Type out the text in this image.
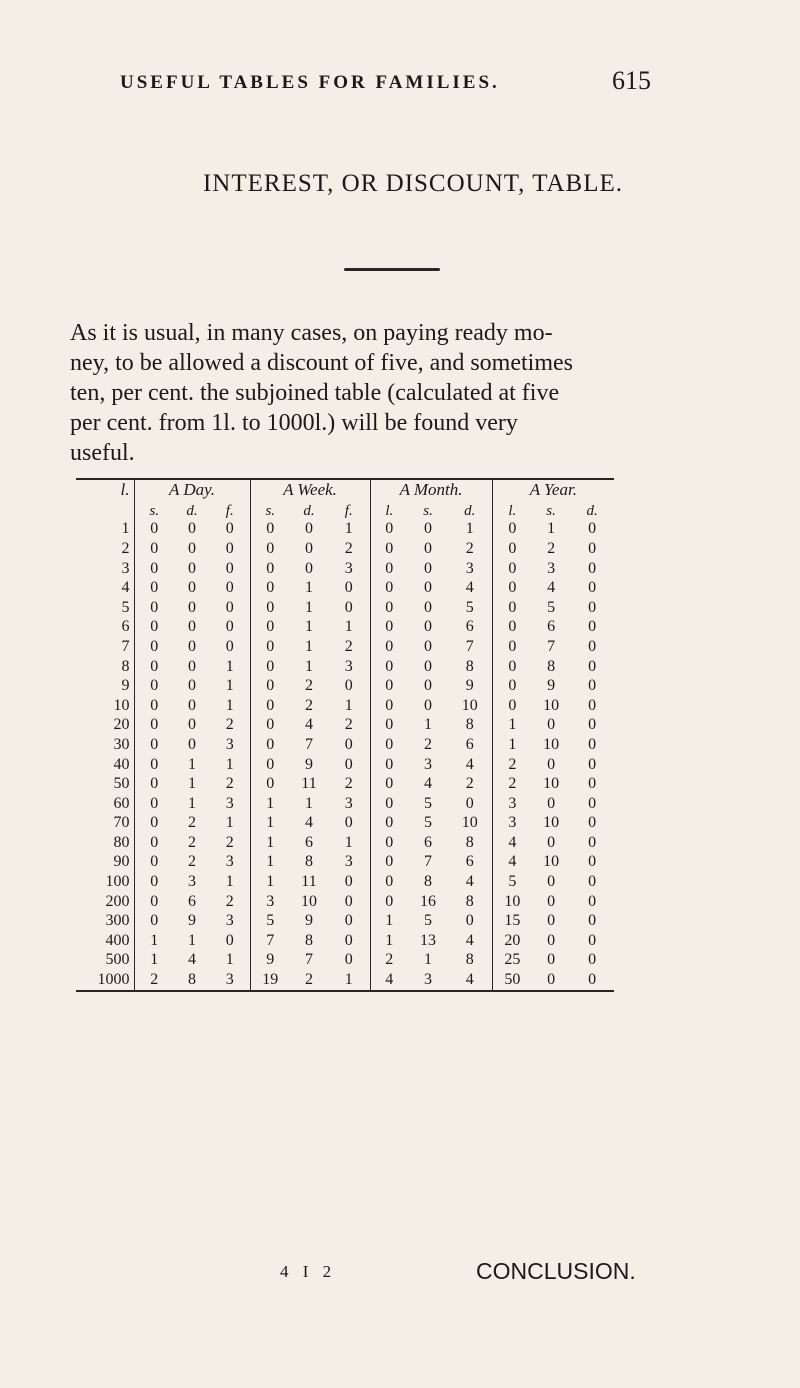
USEFUL TABLES FOR FAMILIES.	615
INTEREST, OR DISCOUNT, TABLE.

As it is usual, in many cases, on paying ready mo-
ney, to be allowed a discount of five, and sometimes
ten, per cent. the subjoined table (calculated at five
per cent. from 1l. to 1000l.) will be found very
useful.

l.	A Day.			A Week.			A Month.			A Year.		
	s.	d.	f.	s.	d.	f.	l.	s.	d.	l.	s.	d.
1	0	0	0	0	0	1	0	0	1	0	1	0
2	0	0	0	0	0	2	0	0	2	0	2	0
3	0	0	0	0	0	3	0	0	3	0	3	0
4	0	0	0	0	1	0	0	0	4	0	4	0
5	0	0	0	0	1	0	0	0	5	0	5	0
6	0	0	0	0	1	1	0	0	6	0	6	0
7	0	0	0	0	1	2	0	0	7	0	7	0
8	0	0	1	0	1	3	0	0	8	0	8	0
9	0	0	1	0	2	0	0	0	9	0	9	0
10	0	0	1	0	2	1	0	0	10	0	10	0
20	0	0	2	0	4	2	0	1	8	1	0	0
30	0	0	3	0	7	0	0	2	6	1	10	0
40	0	1	1	0	9	0	0	3	4	2	0	0
50	0	1	2	0	11	2	0	4	2	2	10	0
60	0	1	3	1	1	3	0	5	0	3	0	0
70	0	2	1	1	4	0	0	5	10	3	10	0
80	0	2	2	1	6	1	0	6	8	4	0	0
90	0	2	3	1	8	3	0	7	6	4	10	0
100	0	3	1	1	11	0	0	8	4	5	0	0
200	0	6	2	3	10	0	0	16	8	10	0	0
300	0	9	3	5	9	0	1	5	0	15	0	0
400	1	1	0	7	8	0	1	13	4	20	0	0
500	1	4	1	9	7	0	2	1	8	25	0	0
1000	2	8	3	19	2	1	4	3	4	50	0	0
4 I 2	CONCLUSION.
